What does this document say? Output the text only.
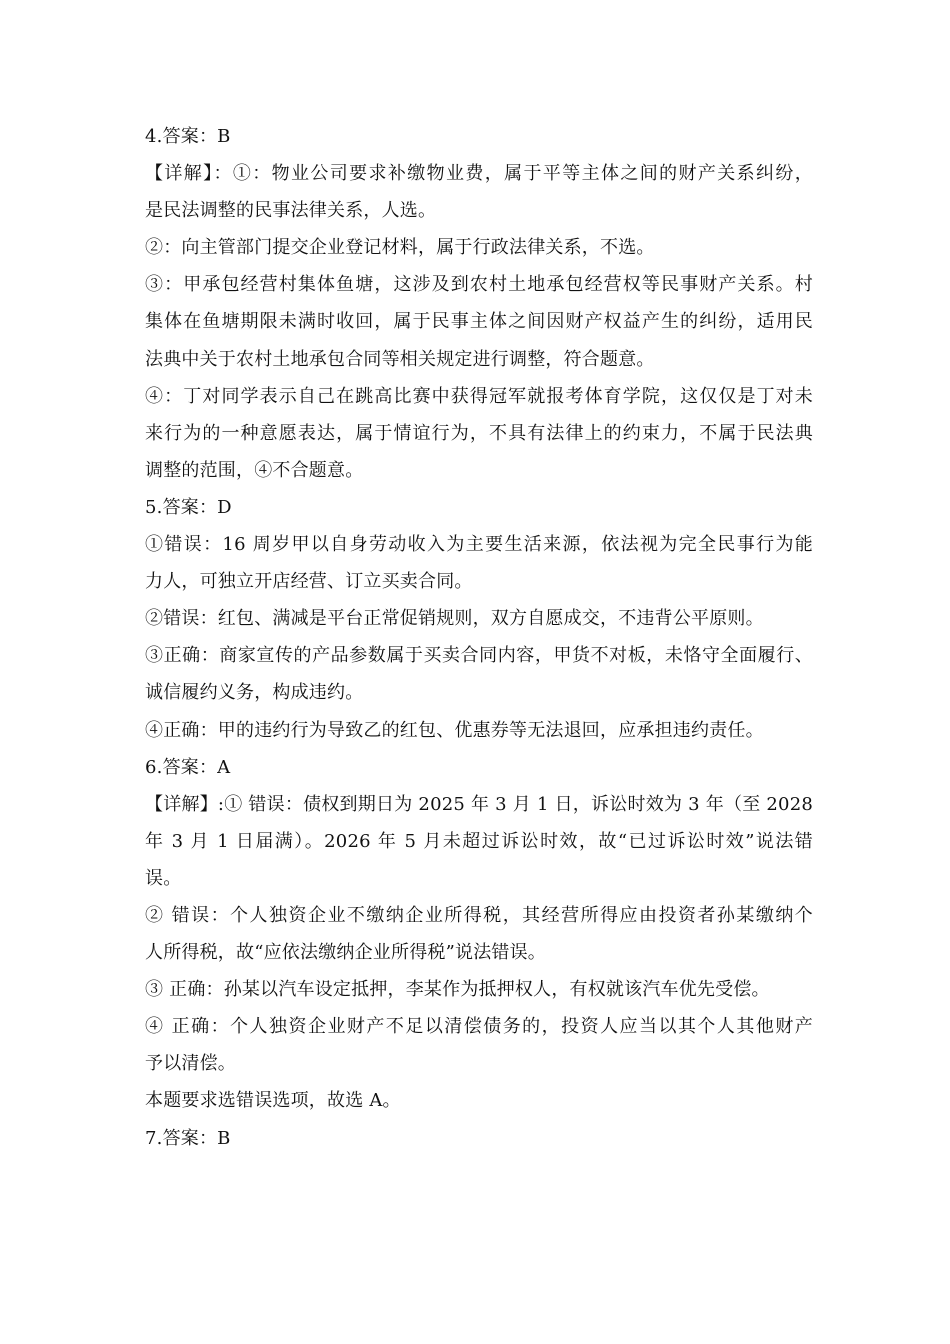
4.答案：B
【详解】：①：物业公司要求补缴物业费，属于平等主体之间的财产关系纠纷，
是民法调整的民事法律关系，人选。
②：向主管部门提交企业登记材料，属于行政法律关系，不选。
③：甲承包经营村集体鱼塘，这涉及到农村土地承包经营权等民事财产关系。村
集体在鱼塘期限未满时收回，属于民事主体之间因财产权益产生的纠纷，适用民
法典中关于农村土地承包合同等相关规定进行调整，符合题意。
④：丁对同学表示自己在跳高比赛中获得冠军就报考体育学院，这仅仅是丁对未
来行为的一种意愿表达，属于情谊行为，不具有法律上的约束力，不属于民法典
调整的范围，④不合题意。
5.答案：D
①错误：16 周岁甲以自身劳动收入为主要生活来源，依法视为完全民事行为能
力人，可独立开店经营、订立买卖合同。
②错误：红包、满减是平台正常促销规则，双方自愿成交，不违背公平原则。
③正确：商家宣传的产品参数属于买卖合同内容，甲货不对板，未恪守全面履行、
诚信履约义务，构成违约。
④正确：甲的违约行为导致乙的红包、优惠券等无法退回，应承担违约责任。
6.答案：A
【详解】:① 错误：债权到期日为 2025 年 3 月 1 日，诉讼时效为 3 年（至 2028
年 3 月 1 日届满）。2026 年 5 月未超过诉讼时效，故“已过诉讼时效”说法错
误。
② 错误：个人独资企业不缴纳企业所得税，其经营所得应由投资者孙某缴纳个
人所得税，故“应依法缴纳企业所得税”说法错误。
③ 正确：孙某以汽车设定抵押，李某作为抵押权人，有权就该汽车优先受偿。
④ 正确：个人独资企业财产不足以清偿债务的，投资人应当以其个人其他财产
予以清偿。
本题要求选错误选项，故选 A。
7.答案：B
